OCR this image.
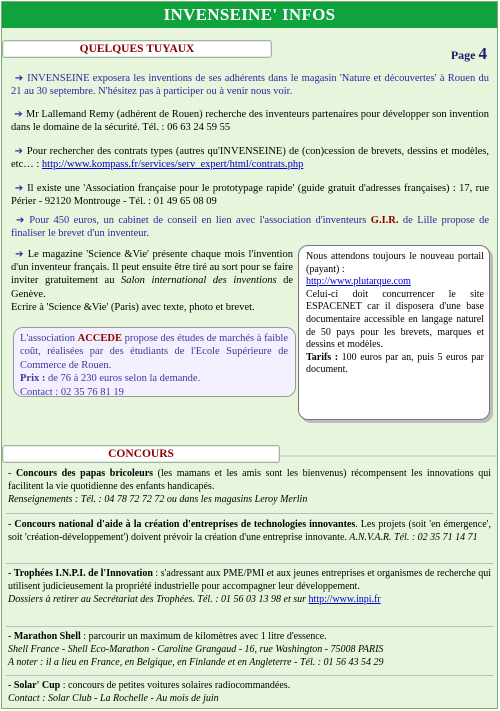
INVENSEINE' INFOS
QUELQUES TUYAUX	Page 4
➔ INVENSEINE exposera les inventions de ses adhérents dans le magasin 'Nature et découvertes' à Rouen du 21 au 30 septembre. N'hésitez pas à participer ou à venir nous voir.
➔ Mr Lallemand Remy (adhérent de Rouen) recherche des inventeurs partenaires pour développer son invention dans le domaine de la sécurité. Tél. : 06 63 24 59 55
➔ Pour rechercher des contrats types (autres qu'INVENSEINE) de (con)cession de brevets, dessins et modèles, etc… : http://www.kompass.fr/services/serv_expert/html/contrats.php
➔ Il existe une 'Association française pour le prototypage rapide' (guide gratuit d'adresses françaises) : 17, rue Périer - 92120 Montrouge - Tél. : 01 49 65 08 09
➔ Pour 450 euros, un cabinet de conseil en lien avec l'association d'inventeurs G.I.R. de Lille propose de finaliser le brevet d'un inventeur.
➔ Le magazine 'Science &Vie' présente chaque mois l'invention d'un inventeur français. Il peut ensuite être tiré au sort pour se faire inviter gratuitement au Salon international des inventions de Genève.
Ecrire à 'Science &Vie' (Paris) avec texte, photo et brevet.
L'association ACCEDE propose des études de marchés à faible coût, réalisées par des étudiants de l'Ecole Supérieure de Commerce de Rouen.
Prix : de 76 à 230 euros selon la demande.
Contact : 02 35 76 81 19
Nous attendons toujours le nouveau portail (payant) :
http://www.plutarque.com
Celui-ci doit concurrencer le site ESPACENET car il disposera d'une base documentaire accessible en langage naturel de 50 pays pour les brevets, marques et dessins et modèles.
Tarifs : 100 euros par an, puis 5 euros par document.
CONCOURS

- Concours des papas bricoleurs (les mamans et les amis sont les bienvenus) récompensent les innovations qui facilitent la vie quotidienne des enfants handicapés.

Renseignements : Tél. : 04 78 72 72 72 ou dans les magasins Leroy Merlin

- Concours national d'aide à la création d'entreprises de technologies innovantes. Les projets (soit 'en émergence', soit 'création-développement') doivent prévoir la création d'une entreprise innovante. A.N.V.A.R. Tél. : 02 35 71 14 71

- Trophées I.N.P.I. de l'Innovation : s'adressant aux PME/PMI et aux jeunes entreprises et organismes de recherche qui utilisent judicieusement la propriété industrielle pour accompagner leur développement.

Dossiers à retirer au Secrétariat des Trophées. Tél. : 01 56 03 13 98 et sur http://www.inpi.fr

- Marathon Shell : parcourir un maximum de kilomètres avec 1 litre d'essence.

Shell France - Shell Eco-Marathon - Caroline Grangaud - 16, rue Washington - 75008 PARIS

A noter : il a lieu en France, en Belgique, en Finlande et en Angleterre - Tél. : 01 56 43 54 29

- Solar' Cup : concours de petites voitures solaires radiocommandées.

Contact : Solar Club - La Rochelle - Au mois de juin
